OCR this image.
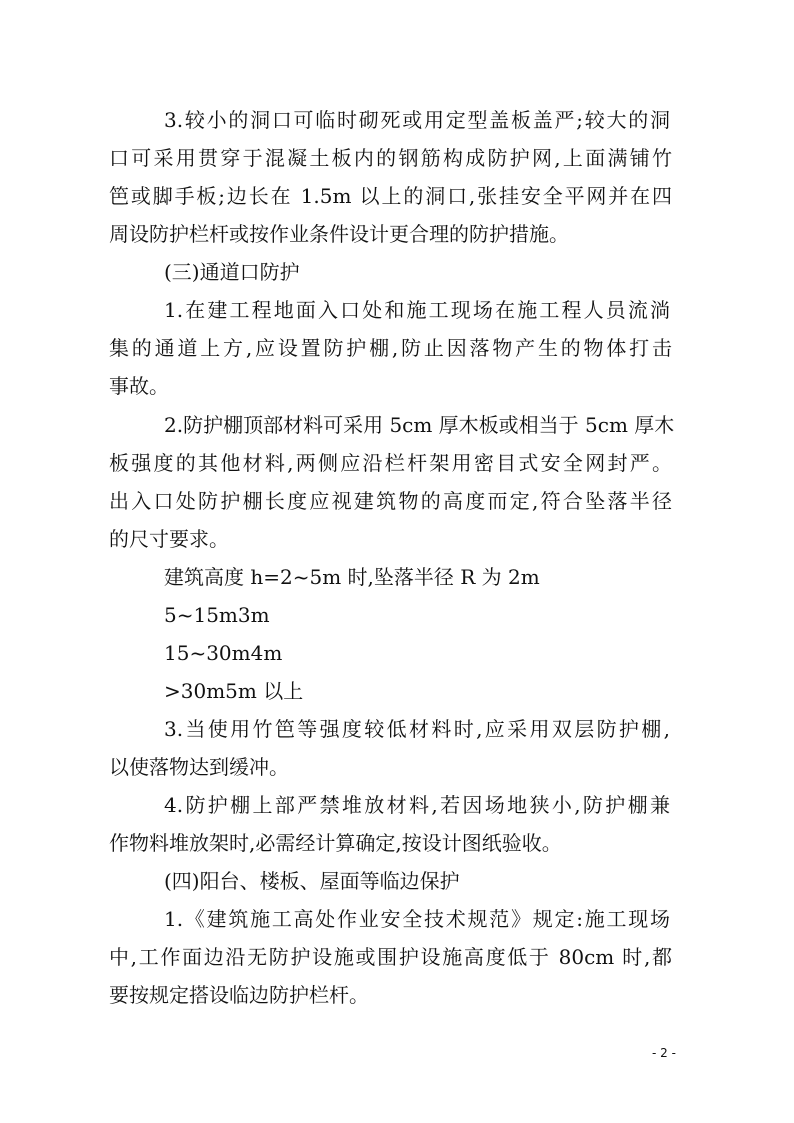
3.较小的洞口可临时砌死或用定型盖板盖严;较大的洞
口可采用贯穿于混凝土板内的钢筋构成防护网,上面满铺竹
笆或脚手板;边长在 1.5m 以上的洞口,张挂安全平网并在四
周设防护栏杆或按作业条件设计更合理的防护措施。
(三)通道口防护
1.在建工程地面入口处和施工现场在施工程人员流淌
集的通道上方,应设置防护棚,防止因落物产生的物体打击
事故。
2.防护棚顶部材料可采用 5cm 厚木板或相当于 5cm 厚木
板强度的其他材料,两侧应沿栏杆架用密目式安全网封严。
出入口处防护棚长度应视建筑物的高度而定,符合坠落半径
的尺寸要求。
建筑高度 h=2~5m 时,坠落半径 R 为 2m
5~15m3m
15~30m4m
>30m5m 以上
3.当使用竹笆等强度较低材料时,应采用双层防护棚,
以使落物达到缓冲。
4.防护棚上部严禁堆放材料,若因场地狭小,防护棚兼
作物料堆放架时,必需经计算确定,按设计图纸验收。
(四)阳台、楼板、屋面等临边保护
1.《建筑施工高处作业安全技术规范》规定:施工现场
中,工作面边沿无防护设施或围护设施高度低于 80cm 时,都
要按规定搭设临边防护栏杆。
- 2 -
